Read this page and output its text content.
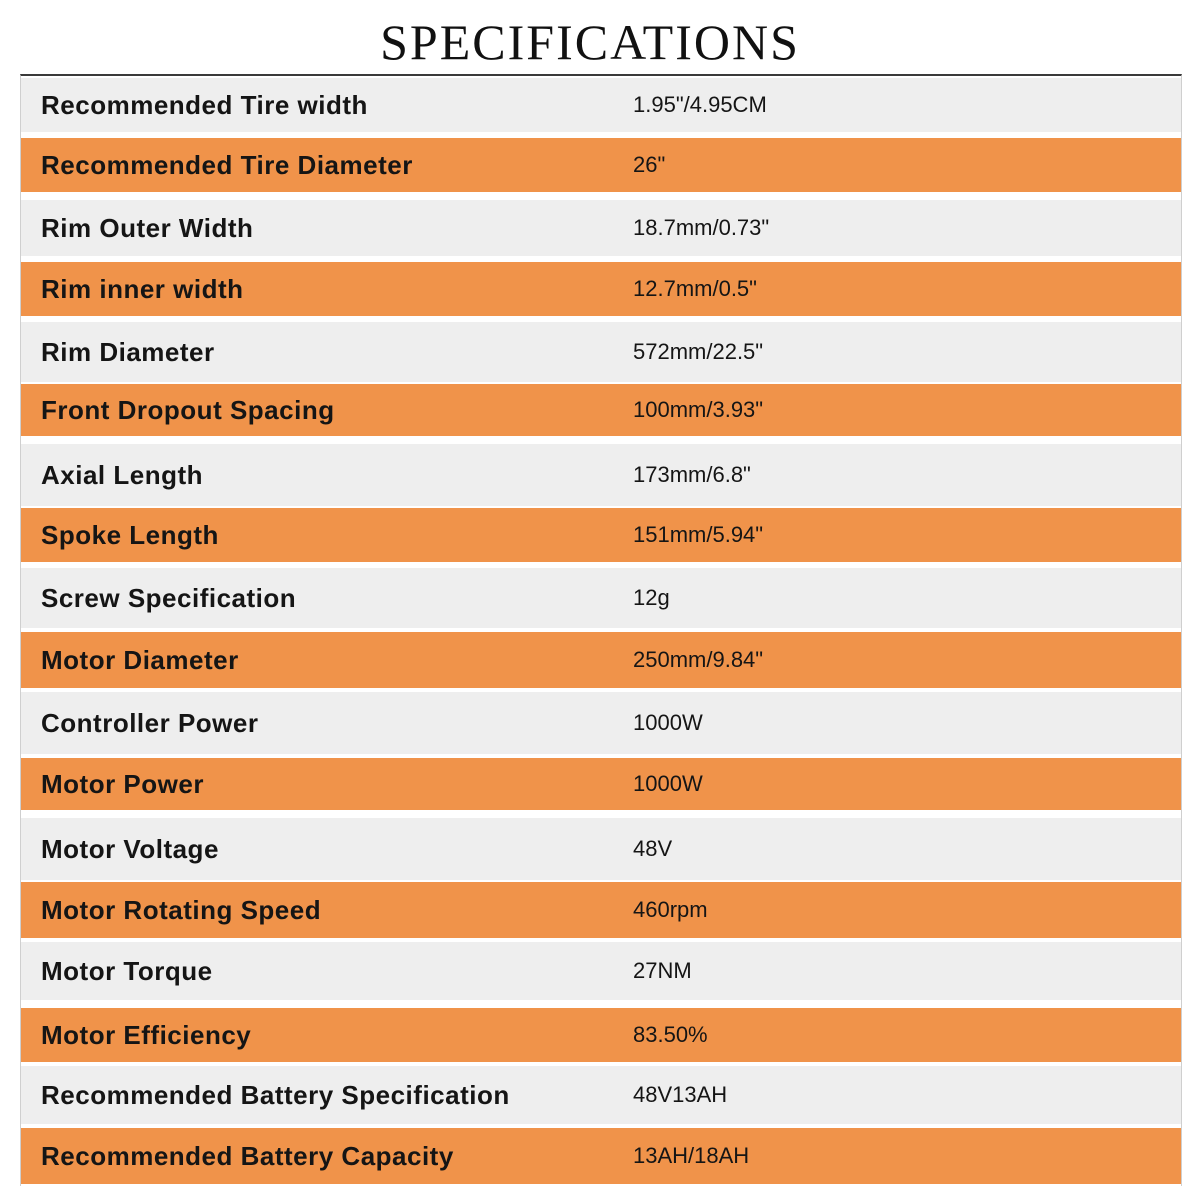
SPECIFICATIONS
Recommended Tire width	1.95"/4.95CM
Recommended Tire Diameter	26"
Rim Outer Width	18.7mm/0.73"
Rim inner width	12.7mm/0.5"
Rim Diameter	572mm/22.5"
Front Dropout Spacing	100mm/3.93"
Axial Length	173mm/6.8"
Spoke Length	151mm/5.94"
Screw Specification	12g
Motor Diameter	250mm/9.84"
Controller Power	1000W
Motor Power	1000W
Motor Voltage	48V
Motor Rotating Speed	460rpm
Motor Torque	27NM
Motor Efficiency	83.50%
Recommended Battery Specification	48V13AH
Recommended Battery Capacity	13AH/18AH
